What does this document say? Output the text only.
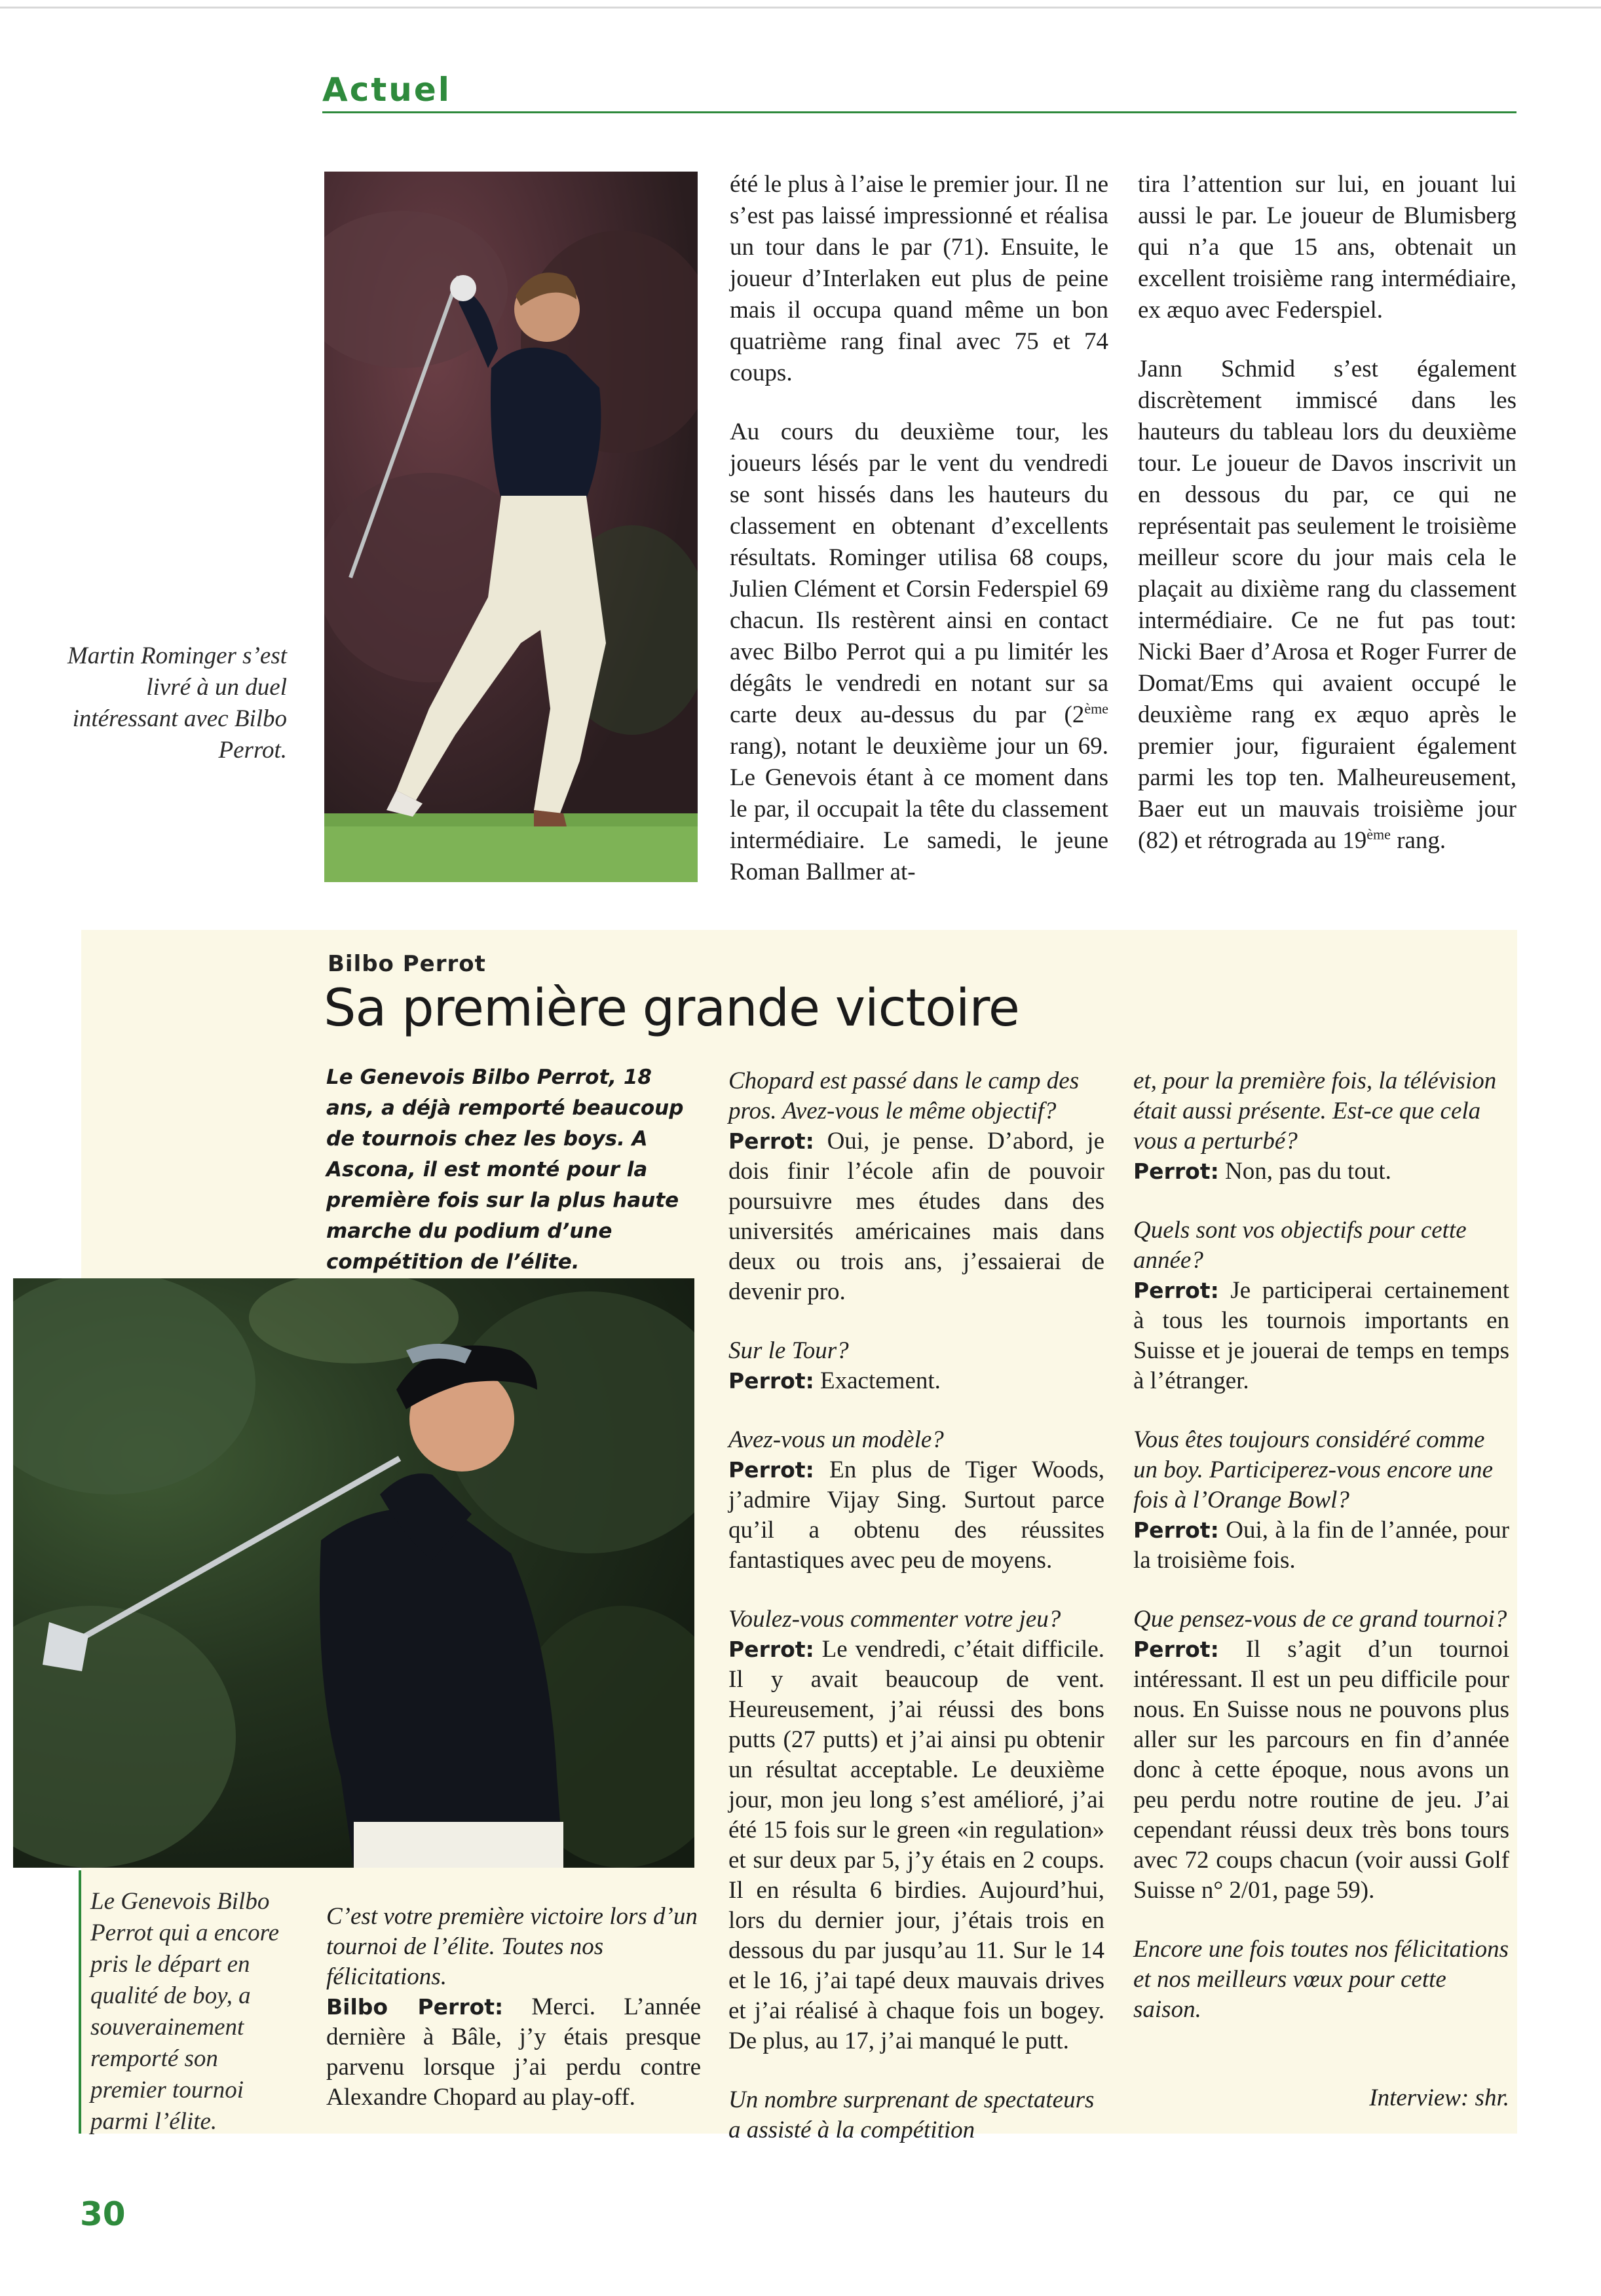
Actuel
Martin Rominger s’est livré à un duel intéressant avec Bilbo Perrot.

été le plus à l’aise le premier jour. Il ne s’est pas laissé impressionné et réalisa un tour dans le par (71). Ensuite, le joueur d’Interlaken eut plus de peine mais il occupa quand même un bon quatrième rang final avec 75 et 74 coups.

Au cours du deuxième tour, les joueurs lésés par le vent du vendredi se sont hissés dans les hauteurs du classement en obtenant d’excellents résultats. Rominger utilisa 68 coups, Julien Clément et Corsin Federspiel 69 chacun. Ils restèrent ainsi en contact avec Bilbo Perrot qui a pu limitér les dégâts le vendredi en notant sur sa carte deux au-dessus du par (2ème rang), notant le deuxième jour un 69. Le Genevois étant à ce moment dans le par, il occupait la tête du classement intermédiaire. Le samedi, le jeune Roman Ballmer at-

tira l’attention sur lui, en jouant lui aussi le par. Le joueur de Blumisberg qui n’a que 15 ans, obtenait un excellent troisième rang intermédiaire, ex æquo avec Federspiel.

Jann Schmid s’est également discrètement immiscé dans les hauteurs du tableau lors du deuxième tour. Le joueur de Davos inscrivit un en dessous du par, ce qui ne représentait pas seulement le troisième meilleur score du jour mais cela le plaçait au dixième rang du classement intermédiaire. Ce ne fut pas tout: Nicki Baer d’Arosa et Roger Furrer de Domat/Ems qui avaient occupé le deuxième rang ex æquo après le premier jour, figuraient également parmi les top ten. Malheureusement, Baer eut un mauvais troisième jour (82) et rétrograda au 19ème rang.

Bilbo Perrot
Sa première grande victoire
Le Genevois Bilbo Perrot, 18 ans, a déjà remporté beaucoup de tournois chez les boys. A Ascona, il est monté pour la première fois sur la plus haute marche du podium d’une compétition de l’élite.
Le Genevois Bilbo Perrot qui a encore pris le départ en qualité de boy, a souverainement remporté son premier tournoi parmi l’élite.

C’est votre première victoire lors d’un tournoi de l’élite. Toutes nos félicitations.

Bilbo Perrot: Merci. L’année dernière à Bâle, j’y étais presque parvenu lorsque j’ai perdu contre Alexandre Chopard au play-off.

Chopard est passé dans le camp des pros. Avez-vous le même objectif?

Perrot: Oui, je pense. D’abord, je dois finir l’école afin de pouvoir poursuivre mes études dans des universités américaines mais dans deux ou trois ans, j’essaierai de devenir pro.

Sur le Tour?

Perrot: Exactement.

Avez-vous un modèle?

Perrot: En plus de Tiger Woods, j’admire Vijay Sing. Surtout parce qu’il a obtenu des réussites fantastiques avec peu de moyens.

Voulez-vous commenter votre jeu?

Perrot: Le vendredi, c’était difficile. Il y avait beaucoup de vent. Heureusement, j’ai réussi des bons putts (27 putts) et j’ai ainsi pu obtenir un résultat acceptable. Le deuxième jour, mon jeu long s’est amélioré, j’ai été 15 fois sur le green «in regulation» et sur deux par 5, j’y étais en 2 coups. Il en résulta 6 birdies. Aujourd’hui, lors du dernier jour, j’étais trois en dessous du par jusqu’au 11. Sur le 14 et le 16, j’ai tapé deux mauvais drives et j’ai réalisé à chaque fois un bogey. De plus, au 17, j’ai manqué le putt.

Un nombre surprenant de spectateurs a assisté à la compétition

et, pour la première fois, la télévision était aussi présente. Est-ce que cela vous a perturbé?

Perrot: Non, pas du tout.

Quels sont vos objectifs pour cette année?

Perrot: Je participerai certainement à tous les tournois importants en Suisse et je jouerai de temps en temps à l’étranger.

Vous êtes toujours considéré comme un boy. Participerez-vous encore une fois à l’Orange Bowl?

Perrot: Oui, à la fin de l’année, pour la troisième fois.

Que pensez-vous de ce grand tournoi?

Perrot: Il s’agit d’un tournoi intéressant. Il est un peu difficile pour nous. En Suisse nous ne pouvons plus aller sur les parcours en fin d’année donc à cette époque, nous avons un peu perdu notre routine de jeu. J’ai cependant réussi deux très bons tours avec 72 coups chacun (voir aussi Golf Suisse n° 2/01, page 59).

Encore une fois toutes nos félicitations et nos meilleurs vœux pour cette saison.

Interview: shr.
30
